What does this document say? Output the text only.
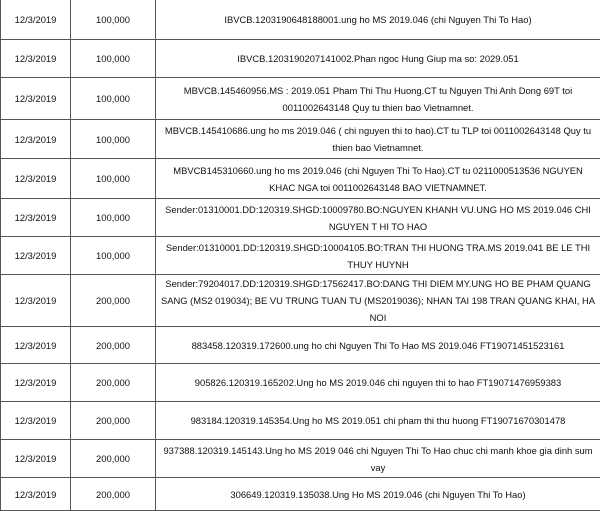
12/3/2019	100,000	IBVCB.1203190648188001.ung ho MS 2019.046 (chi Nguyen Thi To Hao)
12/3/2019	100,000	IBVCB.1203190207141002.Phan ngoc Hung Giup ma so: 2029.051
12/3/2019	100,000	MBVCB.145460956.MS : 2019.051 Pham Thi Thu Huong.CT tu Nguyen Thi Anh Dong 69T toi 0011002643148 Quy tu thien bao Vietnamnet.
12/3/2019	100,000	MBVCB.145410686.ung ho ms 2019.046 ( chi nguyen thi to hao).CT tu TLP toi 0011002643148 Quy tu thien bao Vietnamnet.
12/3/2019	100,000	MBVCB145310660.ung ho ms 2019.046 (chi Nguyen Thi To Hao).CT tu 0211000513536 NGUYEN KHAC NGA toi 0011002643148 BAO VIETNAMNET.
12/3/2019	100,000	Sender:01310001.DD:120319.SHGD:10009780.BO:NGUYEN KHANH VU.UNG HO MS 2019.046 CHI NGUYEN T HI TO HAO
12/3/2019	100,000	Sender:01310001.DD:120319.SHGD:10004105.BO:TRAN THI HUONG TRA.MS 2019.041 BE LE THI THUY HUYNH
12/3/2019	200,000	Sender:79204017.DD:120319.SHGD:17562417.BO:DANG THI DIEM MY.UNG HO BE PHAM QUANG SANG (MS2 019034); BE VU TRUNG TUAN TU (MS2019036); NHAN TAI 198 TRAN QUANG KHAI, HA NOI
12/3/2019	200,000	883458.120319.172600.ung ho chi Nguyen Thi To Hao MS 2019.046 FT19071451523161
12/3/2019	200,000	905826.120319.165202.Ung ho MS 2019.046 chi nguyen thi to hao FT19071476959383
12/3/2019	200,000	983184.120319.145354.Ung ho MS 2019.051 chi pham thi thu huong FT19071670301478
12/3/2019	200,000	937388.120319.145143.Ung ho MS 2019 046 chi Nguyen Thi To Hao chuc chi manh khoe gia dinh sum vay
12/3/2019	200,000	306649.120319.135038.Ung Ho MS 2019.046 (chi Nguyen Thi To Hao)
